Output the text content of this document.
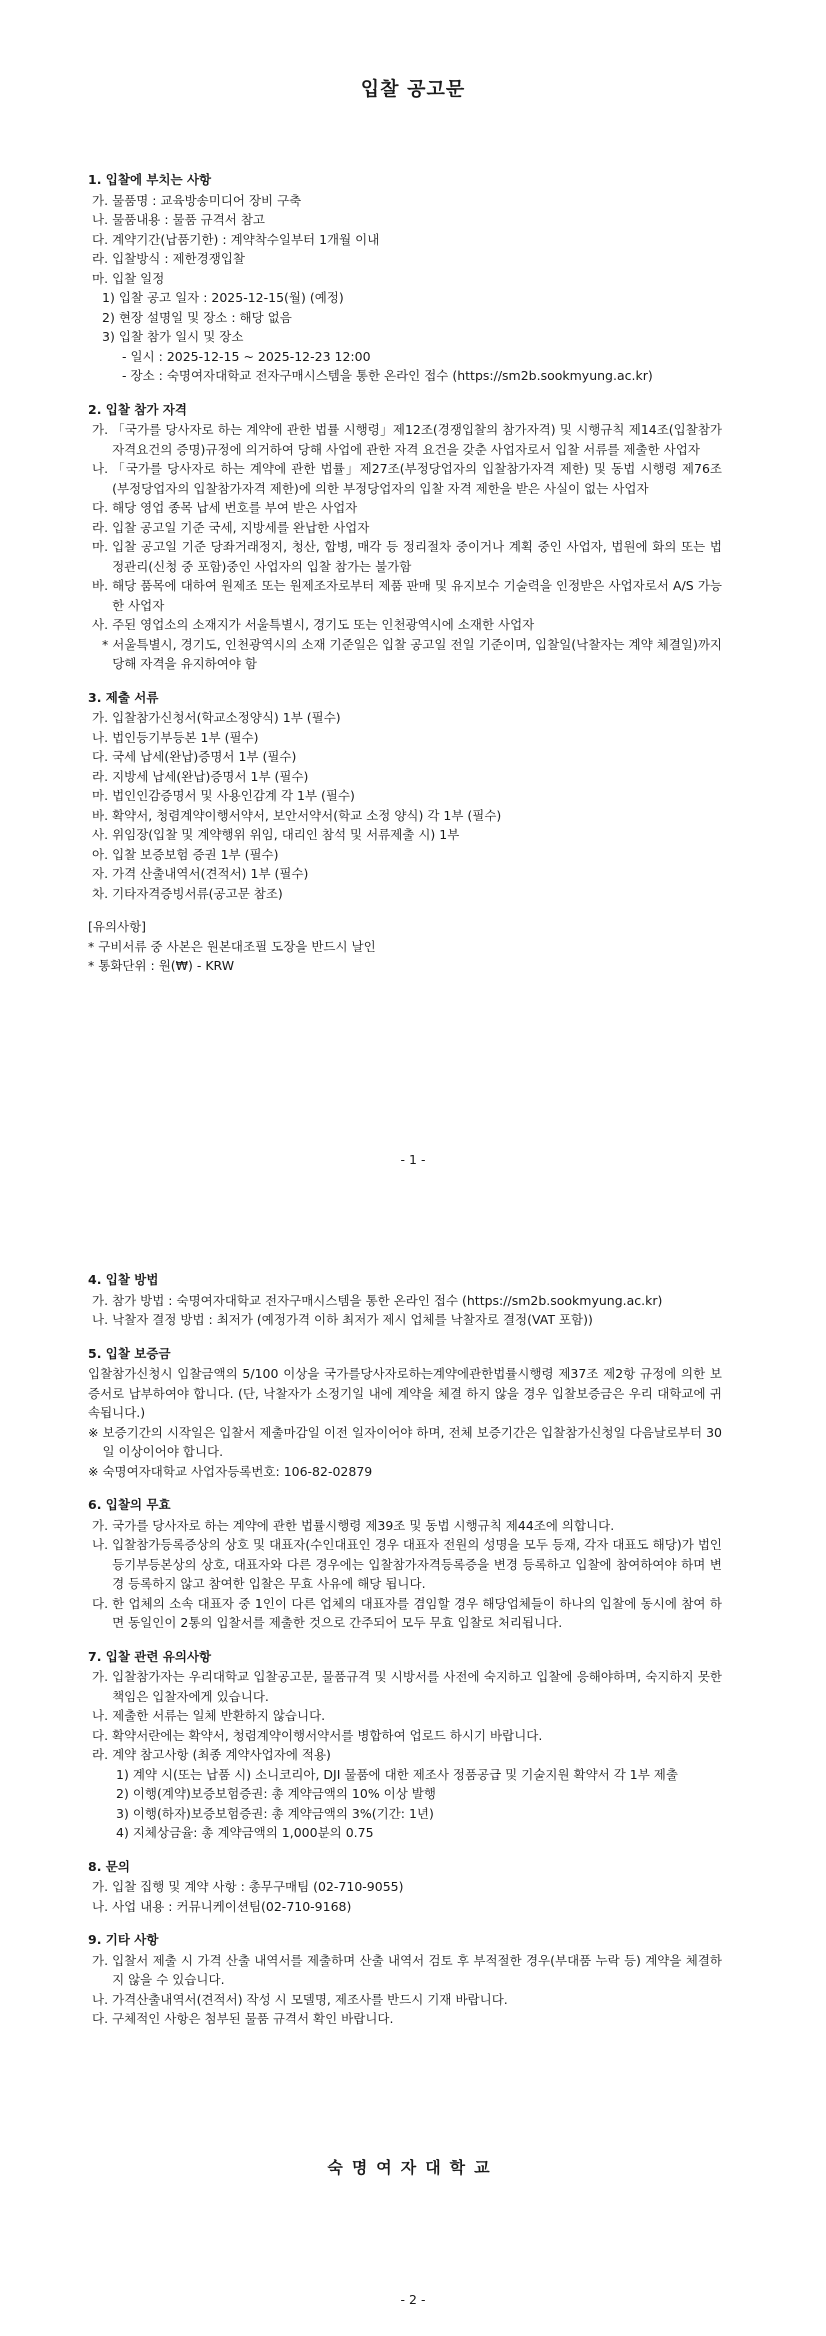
입찰 공고문
1. 입찰에 부치는 사항
가. 물품명 : 교육방송미디어 장비 구축
나. 물품내용 : 물품 규격서 참고
다. 계약기간(납품기한) : 계약착수일부터 1개월 이내
라. 입찰방식 : 제한경쟁입찰
마. 입찰 일정
1) 입찰 공고 일자 : 2025-12-15(월) (예정)
2) 현장 설명일 및 장소 : 해당 없음
3) 입찰 참가 일시 및 장소
- 일시 : 2025-12-15 ~ 2025-12-23 12:00
- 장소 : 숙명여자대학교 전자구매시스템을 통한 온라인 접수 (https://sm2b.sookmyung.ac.kr)
2. 입찰 참가 자격
가. 「국가를 당사자로 하는 계약에 관한 법률 시행령」제12조(경쟁입찰의 참가자격) 및 시행규칙 제14조(입찰참가자격요건의 증명)규정에 의거하여 당해 사업에 관한 자격 요건을 갖춘 사업자로서 입찰 서류를 제출한 사업자
나. 「국가를 당사자로 하는 계약에 관한 법률」제27조(부정당업자의 입찰참가자격 제한) 및 동법 시행령 제76조(부정당업자의 입찰참가자격 제한)에 의한 부정당업자의 입찰 자격 제한을 받은 사실이 없는 사업자
다. 해당 영업 종목 납세 번호를 부여 받은 사업자
라. 입찰 공고일 기준 국세, 지방세를 완납한 사업자
마. 입찰 공고일 기준 당좌거래정지, 청산, 합병, 매각 등 정리절차 중이거나 계획 중인 사업자, 법원에 화의 또는 법정관리(신청 중 포함)중인 사업자의 입찰 참가는 불가함
바. 해당 품목에 대하여 원제조 또는 원제조자로부터 제품 판매 및 유지보수 기술력을 인정받은 사업자로서 A/S 가능한 사업자
사. 주된 영업소의 소재지가 서울특별시, 경기도 또는 인천광역시에 소재한 사업자
* 서울특별시, 경기도, 인천광역시의 소재 기준일은 입찰 공고일 전일 기준이며, 입찰일(낙찰자는 계약 체결일)까지 당해 자격을 유지하여야 함
3. 제출 서류
가. 입찰참가신청서(학교소정양식) 1부 (필수)
나. 법인등기부등본 1부 (필수)
다. 국세 납세(완납)증명서 1부 (필수)
라. 지방세 납세(완납)증명서 1부 (필수)
마. 법인인감증명서 및 사용인감계 각 1부 (필수)
바. 확약서, 청렴계약이행서약서, 보안서약서(학교 소정 양식) 각 1부 (필수)
사. 위임장(입찰 및 계약행위 위임, 대리인 참석 및 서류제출 시) 1부
아. 입찰 보증보험 증권 1부 (필수)
자. 가격 산출내역서(견적서) 1부 (필수)
차. 기타자격증빙서류(공고문 참조)
[유의사항]
* 구비서류 중 사본은 원본대조필 도장을 반드시 날인
* 통화단위 : 원(₩) - KRW
- 1 -
4. 입찰 방법
가. 참가 방법 : 숙명여자대학교 전자구매시스템을 통한 온라인 접수 (https://sm2b.sookmyung.ac.kr)
나. 낙찰자 결정 방법 : 최저가 (예정가격 이하 최저가 제시 업체를 낙찰자로 결정(VAT 포함))
5. 입찰 보증금
입찰참가신청시 입찰금액의 5/100 이상을 국가를당사자로하는계약에관한법률시행령 제37조 제2항 규정에 의한 보증서로 납부하여야 합니다. (단, 낙찰자가 소정기일 내에 계약을 체결 하지 않을 경우 입찰보증금은 우리 대학교에 귀속됩니다.)
※ 보증기간의 시작일은 입찰서 제출마감일 이전 일자이어야 하며, 전체 보증기간은 입찰참가신청일 다음날로부터 30일 이상이어야 합니다.
※ 숙명여자대학교 사업자등록번호: 106-82-02879
6. 입찰의 무효
가. 국가를 당사자로 하는 계약에 관한 법률시행령 제39조 및 동법 시행규칙 제44조에 의합니다.
나. 입찰참가등록증상의 상호 및 대표자(수인대표인 경우 대표자 전원의 성명을 모두 등재, 각자 대표도 해당)가 법인등기부등본상의 상호, 대표자와 다른 경우에는 입찰참가자격등록증을 변경 등록하고 입찰에 참여하여야 하며 변경 등록하지 않고 참여한 입찰은 무효 사유에 해당 됩니다.
다. 한 업체의 소속 대표자 중 1인이 다른 업체의 대표자를 겸임할 경우 해당업체들이 하나의 입찰에 동시에 참여 하면 동일인이 2통의 입찰서를 제출한 것으로 간주되어 모두 무효 입찰로 처리됩니다.
7. 입찰 관련 유의사항
가. 입찰참가자는 우리대학교 입찰공고문, 물품규격 및 시방서를 사전에 숙지하고 입찰에 응해야하며, 숙지하지 못한 책임은 입찰자에게 있습니다.
나. 제출한 서류는 일체 반환하지 않습니다.
다. 확약서란에는 확약서, 청렴계약이행서약서를 병합하여 업로드 하시기 바랍니다.
라. 계약 참고사항 (최종 계약사업자에 적용)
1) 계약 시(또는 납품 시) 소니코리아, DJI 물품에 대한 제조사 정품공급 및 기술지원 확약서 각 1부 제출
2) 이행(계약)보증보험증권: 총 계약금액의 10% 이상 발행
3) 이행(하자)보증보험증권: 총 계약금액의 3%(기간: 1년)
4) 지체상금율: 총 계약금액의 1,000분의 0.75
8. 문의
가. 입찰 집행 및 계약 사항 : 총무구매팀 (02-710-9055)
나. 사업 내용 : 커뮤니케이션팀(02-710-9168)
9. 기타 사항
가. 입찰서 제출 시 가격 산출 내역서를 제출하며 산출 내역서 검토 후 부적절한 경우(부대품 누락 등) 계약을 체결하지 않을 수 있습니다.
나. 가격산출내역서(견적서) 작성 시 모델명, 제조사를 반드시 기재 바랍니다.
다. 구체적인 사항은 첨부된 물품 규격서 확인 바랍니다.
숙명여자대학교
- 2 -
